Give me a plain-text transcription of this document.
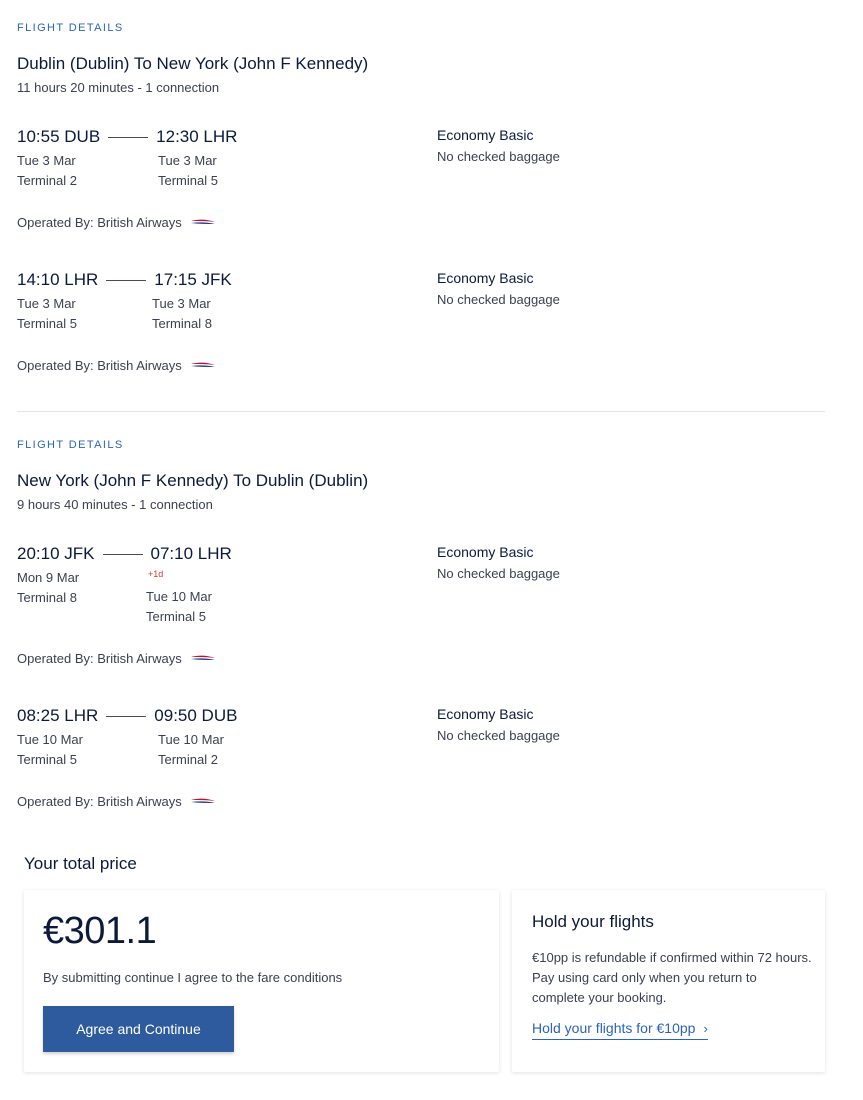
FLIGHT DETAILS
Dublin (Dublin) To New York (John F Kennedy)
11 hours 20 minutes - 1 connection
10:55 DUB	12:30 LHR
Tue 3 Mar
Terminal 2
Tue 3 Mar
Terminal 5
Economy Basic
No checked baggage
Operated By: British Airways
14:10 LHR	17:15 JFK
Tue 3 Mar
Terminal 5
Tue 3 Mar
Terminal 8
Economy Basic
No checked baggage
Operated By: British Airways
FLIGHT DETAILS
New York (John F Kennedy) To Dublin (Dublin)
9 hours 40 minutes - 1 connection
20:10 JFK	07:10 LHR
Mon 9 Mar
Terminal 8
+1d
Tue 10 Mar
Terminal 5
Economy Basic
No checked baggage
Operated By: British Airways
08:25 LHR	09:50 DUB
Tue 10 Mar
Terminal 5
Tue 10 Mar
Terminal 2
Economy Basic
No checked baggage
Operated By: British Airways
Your total price
€301.1
By submitting continue I agree to the fare conditions
Agree and Continue
Hold your flights
€10pp is refundable if confirmed within 72 hours. Pay using card only when you return to complete your booking.
Hold your flights for €10pp ›
